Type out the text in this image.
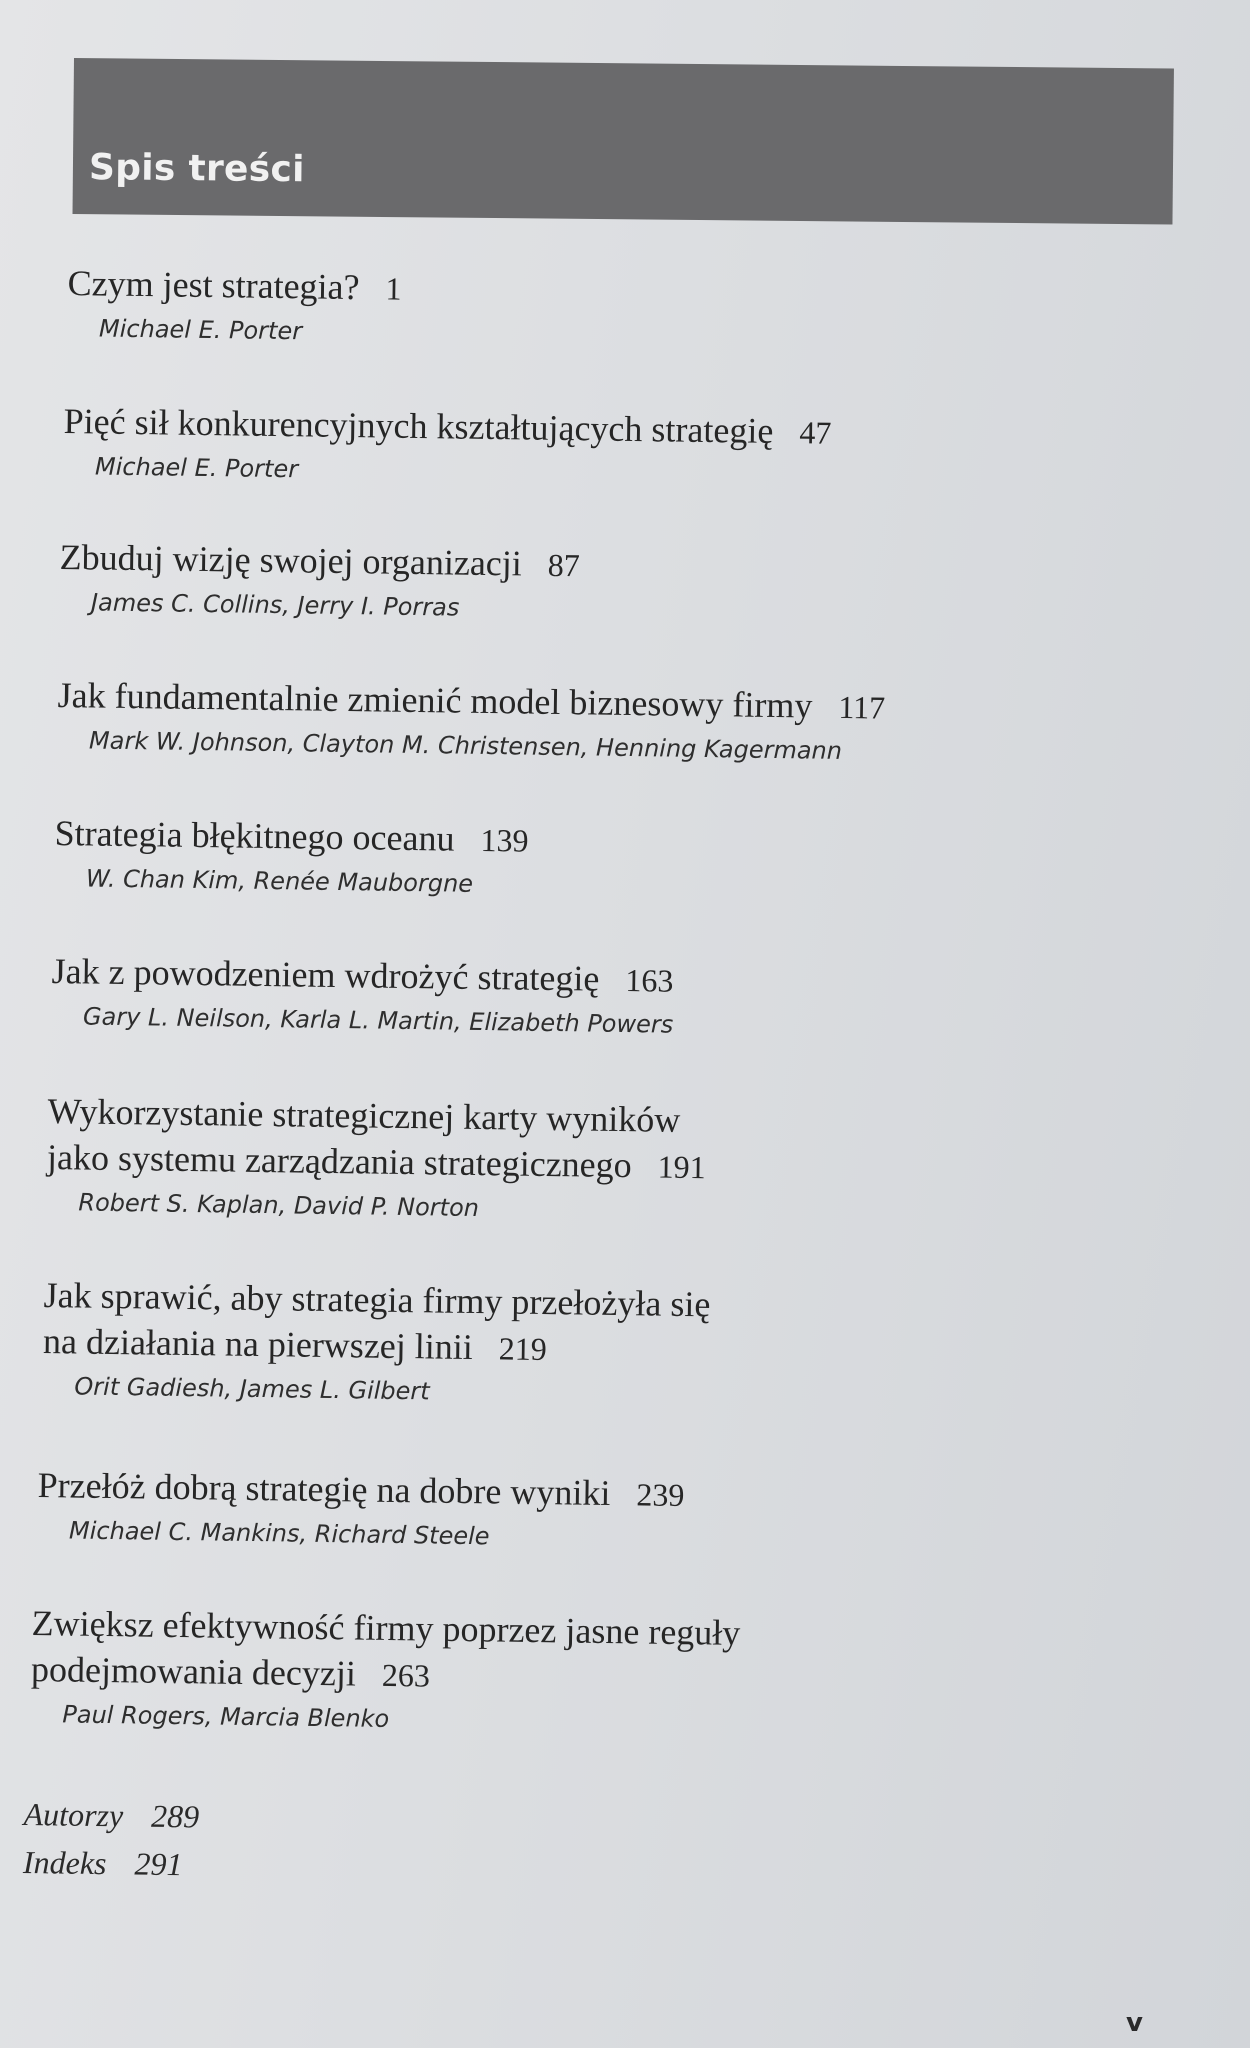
Spis treści
Czym jest strategia? 1
Michael E. Porter
Pięć sił konkurencyjnych kształtujących strategię 47
Michael E. Porter
Zbuduj wizję swojej organizacji 87
James C. Collins, Jerry I. Porras
Jak fundamentalnie zmienić model biznesowy firmy 117
Mark W. Johnson, Clayton M. Christensen, Henning Kagermann
Strategia błękitnego oceanu 139
W. Chan Kim, Renée Mauborgne
Jak z powodzeniem wdrożyć strategię 163
Gary L. Neilson, Karla L. Martin, Elizabeth Powers
Wykorzystanie strategicznej karty wyników
jako systemu zarządzania strategicznego 191
Robert S. Kaplan, David P. Norton
Jak sprawić, aby strategia firmy przełożyła się
na działania na pierwszej linii 219
Orit Gadiesh, James L. Gilbert
Przełóż dobrą strategię na dobre wyniki 239
Michael C. Mankins, Richard Steele
Zwiększ efektywność firmy poprzez jasne reguły
podejmowania decyzji 263
Paul Rogers, Marcia Blenko
Autorzy 289
Indeks 291
v
